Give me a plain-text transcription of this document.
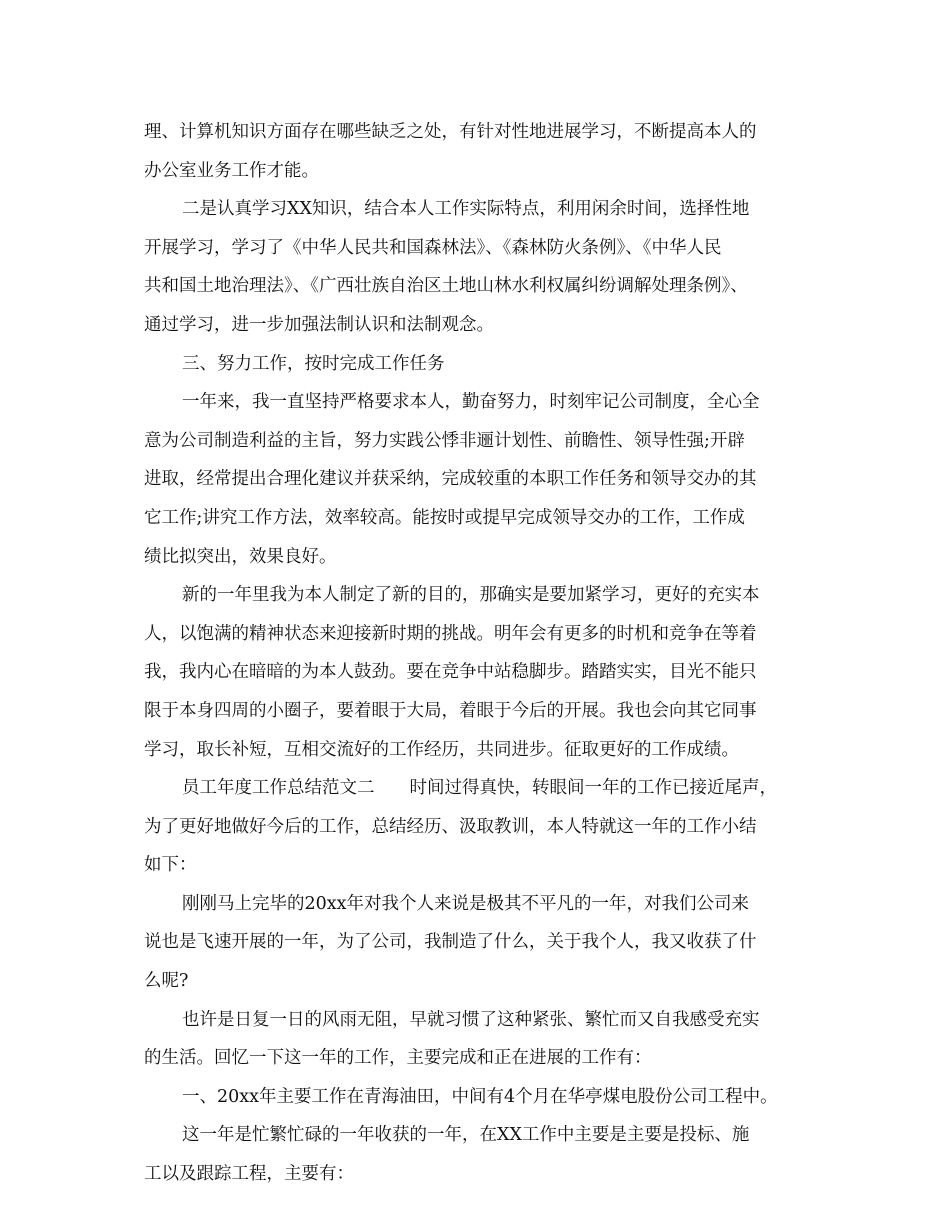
理、计算机知识方面存在哪些缺乏之处，有针对性地进展学习，不断提高本人的
办公室业务工作才能。
二是认真学习XX知识，结合本人工作实际特点，利用闲余时间，选择性地
开展学习，学习了《中华人民共和国森林法》、《森林防火条例》、《中华人民
共和国土地治理法》、《广西壮族自治区土地山林水利权属纠纷调解处理条例》、
通过学习，进一步加强法制认识和法制观念。
三、努力工作，按时完成工作任务
一年来，我一直坚持严格要求本人，勤奋努力，时刻牢记公司制度，全心全
意为公司制造利益的主旨，努力实践公悸非逦计划性、前瞻性、领导性强;开辟
进取，经常提出合理化建议并获采纳，完成较重的本职工作任务和领导交办的其
它工作;讲究工作方法，效率较高。能按时或提早完成领导交办的工作，工作成
绩比拟突出，效果良好。
新的一年里我为本人制定了新的目的，那确实是要加紧学习，更好的充实本
人，以饱满的精神状态来迎接新时期的挑战。明年会有更多的时机和竞争在等着
我，我内心在暗暗的为本人鼓劲。要在竞争中站稳脚步。踏踏实实，目光不能只
限于本身四周的小圈子，要着眼于大局，着眼于今后的开展。我也会向其它同事
学习，取长补短，互相交流好的工作经历，共同进步。征取更好的工作成绩。
员工年度工作总结范文二　　时间过得真快，转眼间一年的工作已接近尾声，
为了更好地做好今后的工作，总结经历、汲取教训，本人特就这一年的工作小结
如下：
刚刚马上完毕的20xx年对我个人来说是极其不平凡的一年，对我们公司来
说也是飞速开展的一年，为了公司，我制造了什么，关于我个人，我又收获了什
么呢?
也许是日复一日的风雨无阻，早就习惯了这种紧张、繁忙而又自我感受充实
的生活。回忆一下这一年的工作，主要完成和正在进展的工作有：
一、20xx年主要工作在青海油田，中间有4个月在华亭煤电股份公司工程中。
这一年是忙繁忙碌的一年收获的一年，在XX工作中主要是主要是投标、施
工以及跟踪工程，主要有：
